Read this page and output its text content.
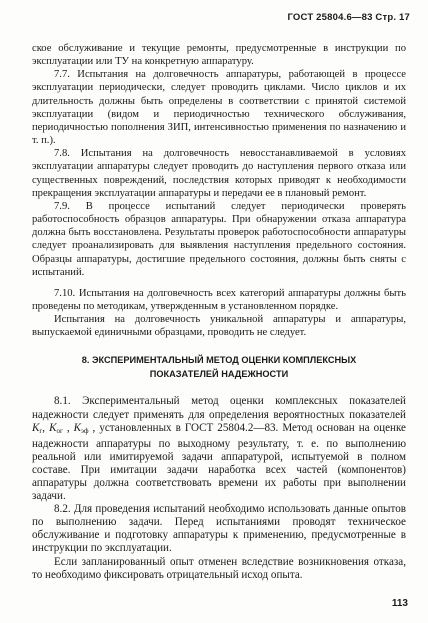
ГОСТ 25804.6—83 Стр. 17

ское обслуживание и текущие ремонты, предусмотренные в инструкции по эксплуатации или ТУ на конкретную аппаратуру.

7.7. Испытания на долговечность аппаратуры, работающей в процессе эксплуатации периодически, следует проводить циклами. Число циклов и их длительность должны быть определены в соответствии с принятой системой эксплуатации (видом и периодичностью технического обслуживания, периодичностью пополнения ЗИП, интенсивностью применения по назначению и т. п.).

7.8. Испытания на долговечность невосстанавливаемой в условиях эксплуатации аппаратуры следует проводить до наступления первого отказа или существенных повреждений, последствия которых приводят к необходимости прекращения эксплуатации аппаратуры и передачи ее в плановый ремонт.

7.9. В процессе испытаний следует периодически проверять работоспособность образцов аппаратуры. При обнаружении отказа аппаратура должна быть восстановлена. Результаты проверок работоспособности аппаратуры следует проанализировать для выявления наступления предельного состояния. Образцы аппаратуры, достигшие предельного состояния, должны быть сняты с испытаний.

7.10. Испытания на долговечность всех категорий аппаратуры должны быть проведены по методикам, утвержденным в установленном порядке.

Испытания на долговечность уникальной аппаратуры и аппаратуры, выпускаемой единичными образцами, проводить не следует.

8. ЭКСПЕРИМЕНТАЛЬНЫЙ МЕТОД ОЦЕНКИ КОМПЛЕКСНЫХ
ПОКАЗАТЕЛЕЙ НАДЕЖНОСТИ

8.1. Экспериментальный метод оценки комплексных показателей надежности следует применять для определения вероятностных показателей $K_г$, $K_{ог}$ , $K_{эф}$ , установленных в ГОСТ 25804.2—83. Метод основан на оценке надежности аппаратуры по выходному результату, т. е. по выполнению реальной или имитируемой задачи аппаратурой, испытуемой в полном составе. При имитации задачи наработка всех частей (компонентов) аппаратуры должна соответствовать времени их работы при выполнении задачи.

8.2. Для проведения испытаний необходимо использовать данные опытов по выполнению задачи. Перед испытаниями проводят техническое обслуживание и подготовку аппаратуры к применению, предусмотренные в инструкции по эксплуатации.

Если запланированный опыт отменен вследствие возникновения отказа, то необходимо фиксировать отрицательный исход опыта.

113
